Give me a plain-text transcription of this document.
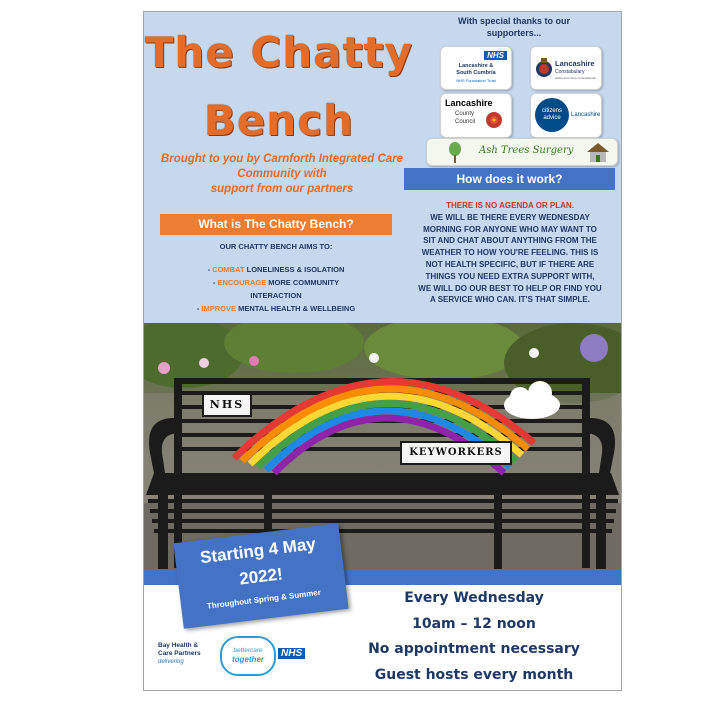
The Chatty
Bench
Brought to you by Carnforth Integrated Care
Community with
support from our partners
What is The Chatty Bench?
OUR CHATTY BENCH AIMS TO:
- COMBAT LONELINESS & ISOLATION
- ENCOURAGE MORE COMMUNITY
INTERACTION
- IMPROVE MENTAL HEALTH & WELLBEING
With special thanks to our
supporters...
NHS
Lancashire &
South Cumbria
NHS Foundation Trust
Lancashire
Constabulary
police and crime commissioner
Lancashire
County
Council
citizens
advice	Lancashire
Ash Trees Surgery
How does it work?
THERE IS NO AGENDA OR PLAN.
WE WILL BE THERE EVERY WEDNESDAY
MORNING FOR ANYONE WHO MAY WANT TO
SIT AND CHAT ABOUT ANYTHING FROM THE
WEATHER TO HOW YOU'RE FEELING. THIS IS
NOT HEALTH SPECIFIC, BUT IF THERE ARE
THINGS YOU NEED EXTRA SUPPORT WITH,
WE WILL DO OUR BEST TO HELP OR FIND YOU
A SERVICE WHO CAN. IT'S THAT SIMPLE.
NHS
KEYWORKERS
Starting 4 May
2022!
Throughout Spring & Summer	Every Wednesday
10am – 12 noon
No appointment necessary
Guest hosts every month
Bay Health &
Care Partners
delivering
bettercare
together
NHS
